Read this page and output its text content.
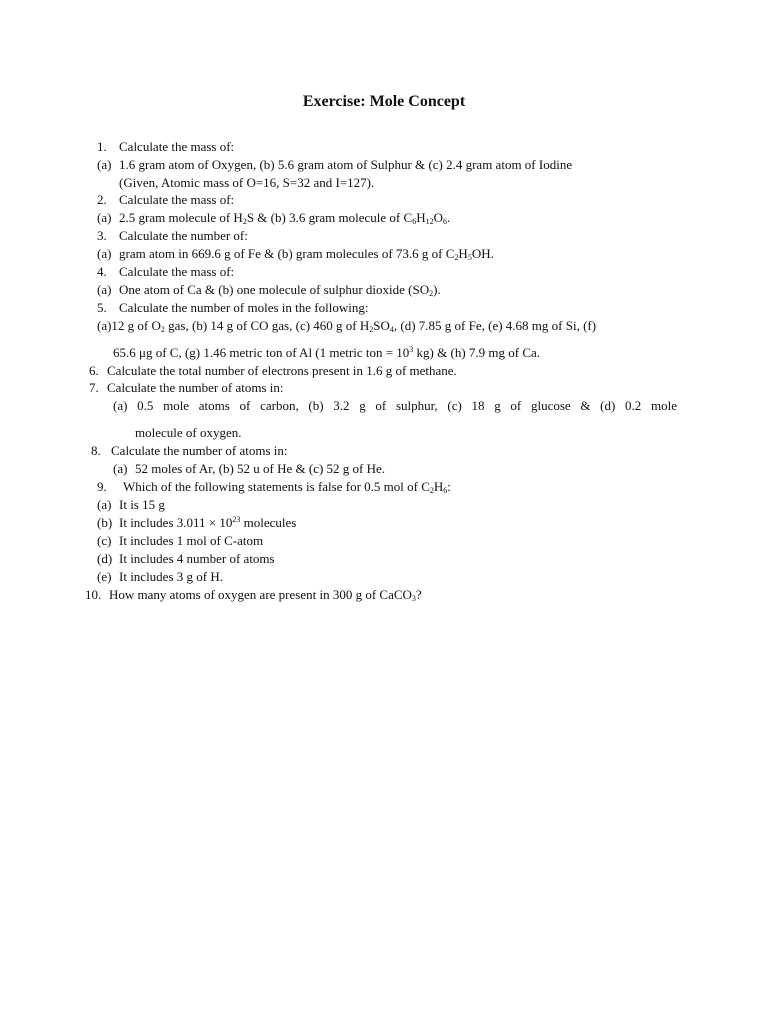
Exercise: Mole Concept
1. Calculate the mass of:
(a) 1.6 gram atom of Oxygen, (b) 5.6 gram atom of Sulphur & (c) 2.4 gram atom of Iodine
(Given, Atomic mass of O=16, S=32 and I=127).
2. Calculate the mass of:
(a) 2.5 gram molecule of $H_2S$ & (b) 3.6 gram molecule of $C_6H_{12}O_6$.
3. Calculate the number of:
(a) gram atom in 669.6 g of Fe & (b) gram molecules of 73.6 g of $C_2H_5OH$.
4. Calculate the mass of:
(a) One atom of Ca & (b) one molecule of sulphur dioxide $(SO_2)$.
5. Calculate the number of moles in the following:
(a)12 g of $O_2$ gas, (b) 14 g of CO gas, (c) 460 g of $H_2SO_4$, (d) 7.85 g of Fe, (e) 4.68 mg of Si, (f)
65.6 μg of C, (g) 1.46 metric ton of Al (1 metric ton = $10^3$ kg) & (h) 7.9 mg of Ca.
6. Calculate the total number of electrons present in 1.6 g of methane.
7. Calculate the number of atoms in:
(a) 0.5 mole atoms of carbon, (b) 3.2 g of sulphur, (c) 18 g of glucose & (d) 0.2 mole
molecule of oxygen.
8. Calculate the number of atoms in:
(a) 52 moles of Ar, (b) 52 u of He & (c) 52 g of He.
9. Which of the following statements is false for 0.5 mol of $C_2H_6$:
(a) It is 15 g
(b) It includes $3.011 \times 10^{23}$ molecules
(c) It includes 1 mol of C-atom
(d) It includes 4 number of atoms
(e) It includes 3 g of H.
10. How many atoms of oxygen are present in 300 g of CaCO$_3$?
